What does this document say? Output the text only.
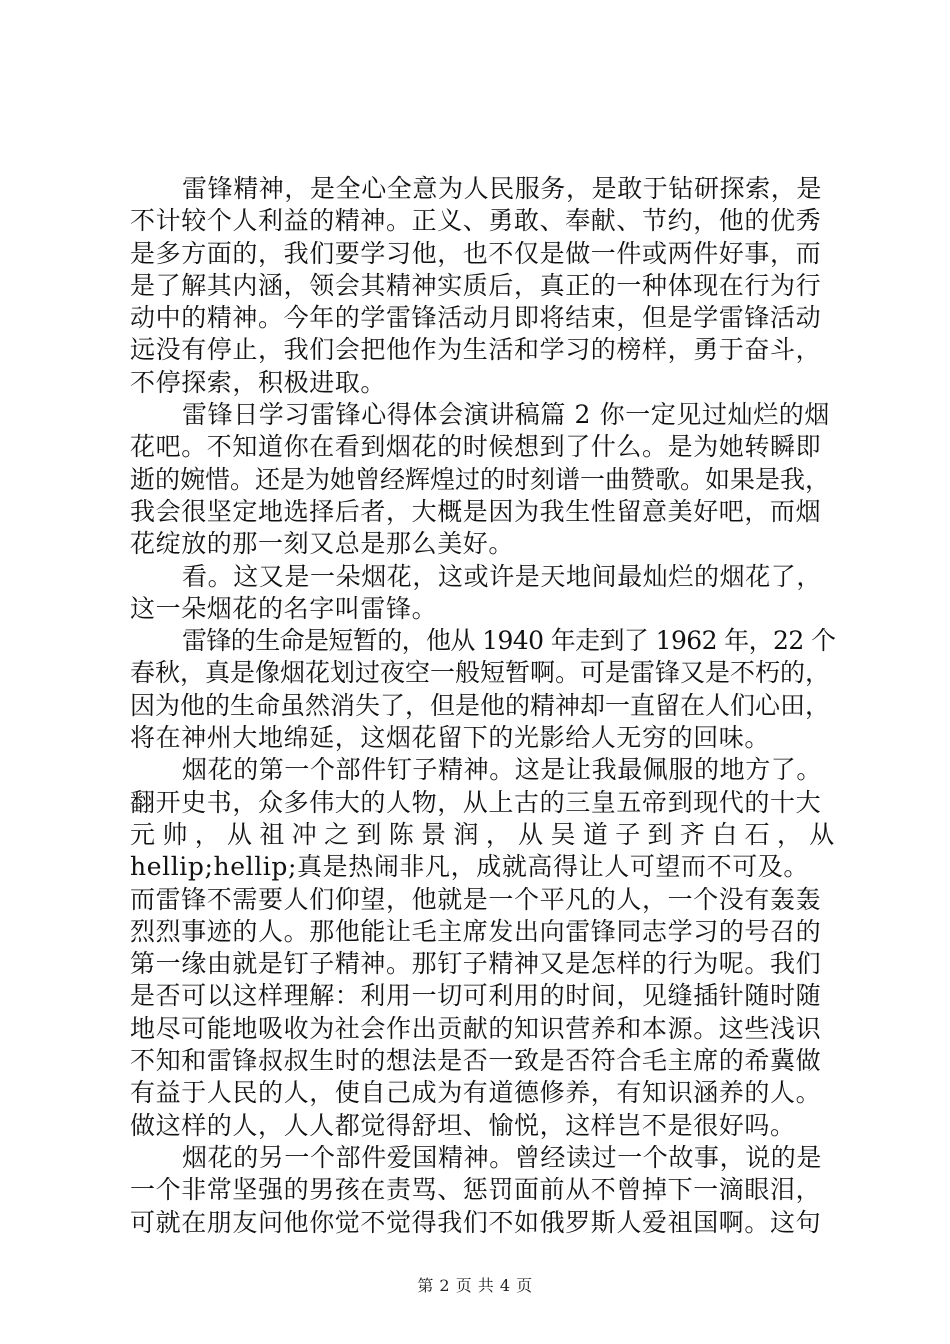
雷锋精神，是全心全意为人民服务，是敢于钻研探索，是
不计较个人利益的精神。正义、勇敢、奉献、节约，他的优秀
是多方面的，我们要学习他，也不仅是做一件或两件好事，而
是了解其内涵，领会其精神实质后，真正的一种体现在行为行
动中的精神。今年的学雷锋活动月即将结束，但是学雷锋活动
远没有停止，我们会把他作为生活和学习的榜样，勇于奋斗，
不停探索，积极进取。
雷锋日学习雷锋心得体会演讲稿篇 2 你一定见过灿烂的烟
花吧。不知道你在看到烟花的时候想到了什么。是为她转瞬即
逝的婉惜。还是为她曾经辉煌过的时刻谱一曲赞歌。如果是我，
我会很坚定地选择后者，大概是因为我生性留意美好吧，而烟
花绽放的那一刻又总是那么美好。
看。这又是一朵烟花，这或许是天地间最灿烂的烟花了，
这一朵烟花的名字叫雷锋。
雷锋的生命是短暂的，他从 1940 年走到了 1962 年，22 个
春秋，真是像烟花划过夜空一般短暂啊。可是雷锋又是不朽的，
因为他的生命虽然消失了，但是他的精神却一直留在人们心田，
将在神州大地绵延，这烟花留下的光影给人无穷的回味。
烟花的第一个部件钉子精神。这是让我最佩服的地方了。
翻开史书，众多伟大的人物，从上古的三皇五帝到现代的十大
元 帅 ， 从 祖 冲 之 到 陈 景 润 ， 从 吴 道 子 到 齐 白 石 ， 从
hellip;hellip;真是热闹非凡，成就高得让人可望而不可及。
而雷锋不需要人们仰望，他就是一个平凡的人，一个没有轰轰
烈烈事迹的人。那他能让毛主席发出向雷锋同志学习的号召的
第一缘由就是钉子精神。那钉子精神又是怎样的行为呢。我们
是否可以这样理解：利用一切可利用的时间，见缝插针随时随
地尽可能地吸收为社会作出贡献的知识营养和本源。这些浅识
不知和雷锋叔叔生时的想法是否一致是否符合毛主席的希冀做
有益于人民的人，使自己成为有道德修养，有知识涵养的人。
做这样的人，人人都觉得舒坦、愉悦，这样岂不是很好吗。
烟花的另一个部件爱国精神。曾经读过一个故事，说的是
一个非常坚强的男孩在责骂、惩罚面前从不曾掉下一滴眼泪，
可就在朋友问他你觉不觉得我们不如俄罗斯人爱祖国啊。这句
第 2 页 共 4 页
